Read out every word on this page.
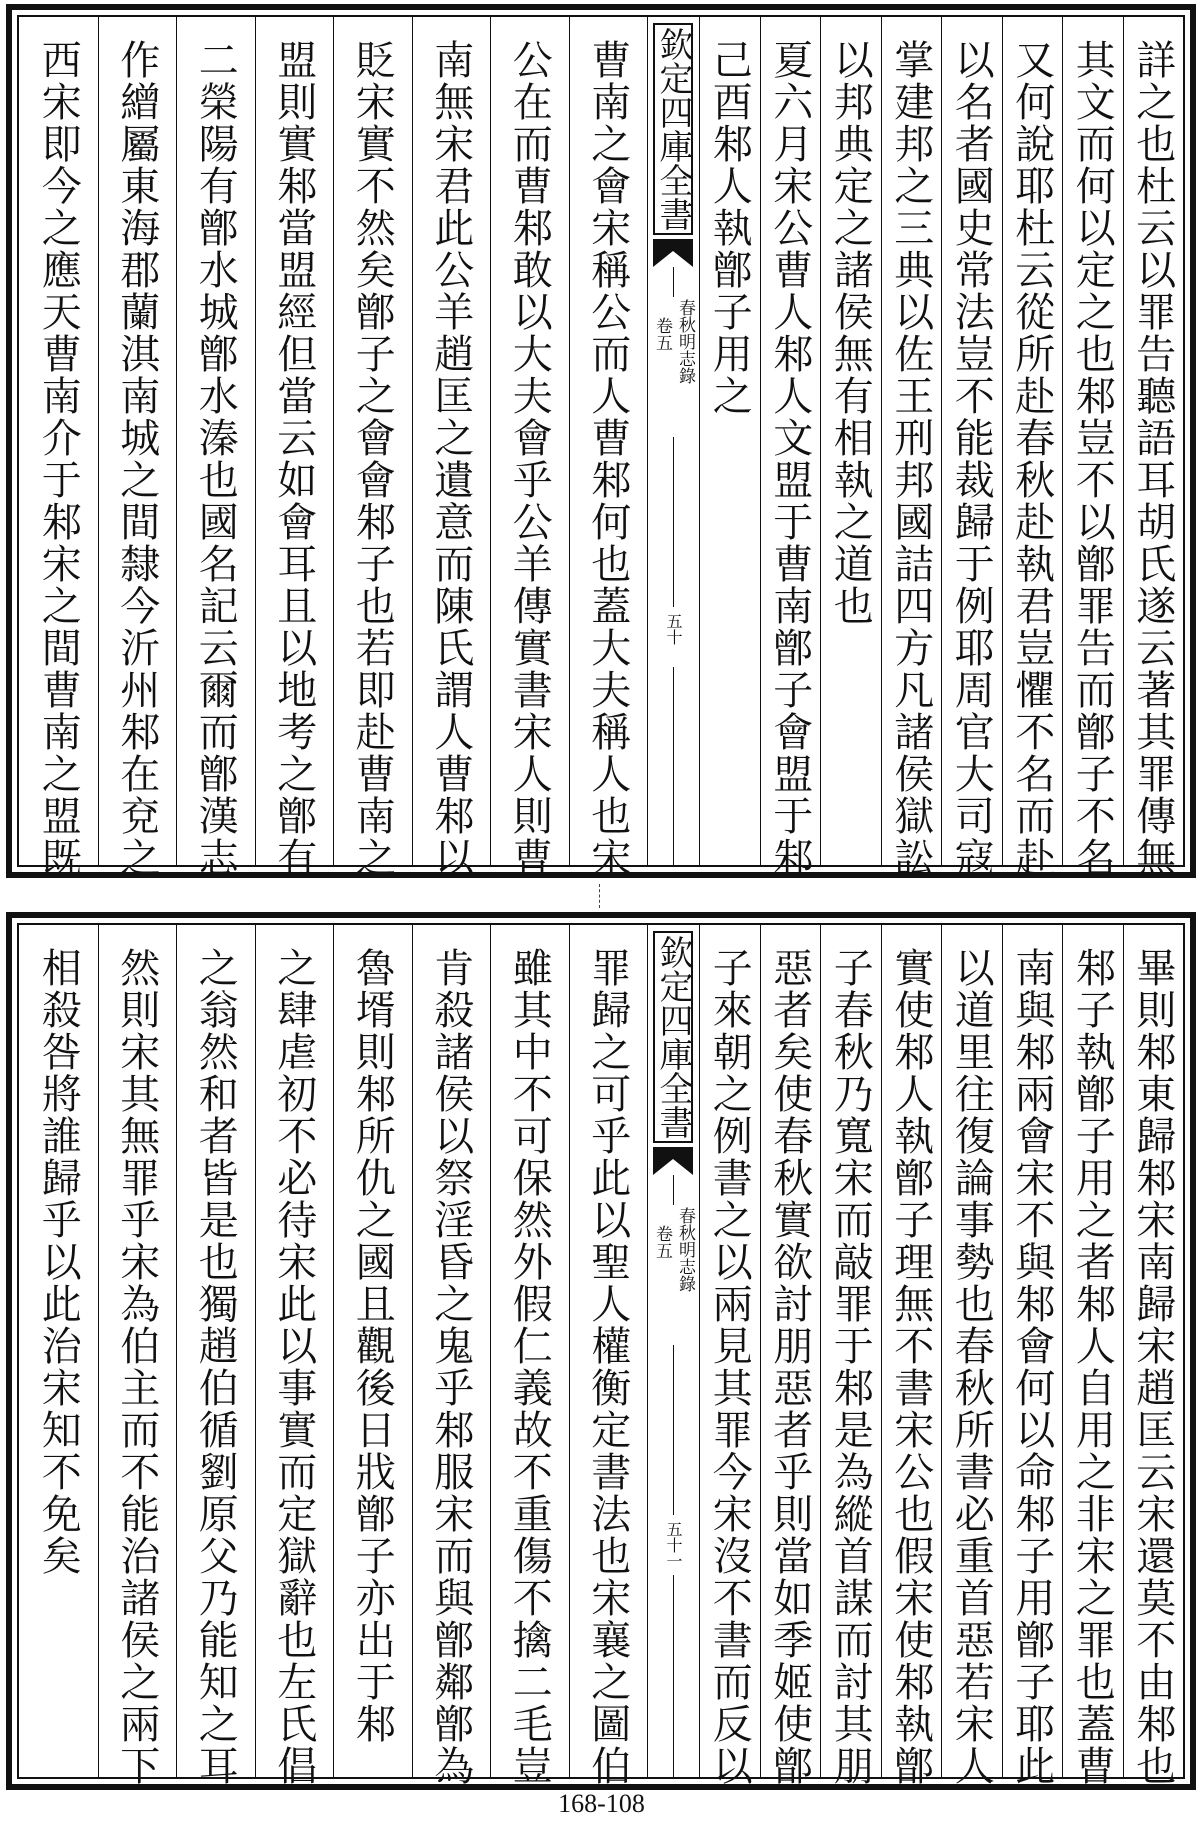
詳之也杜云以罪告聽語耳胡氏遂云著其罪傳無
其文而何以定之也邾豈不以鄫罪告而鄫子不名
又何說耶杜云從所赴春秋赴執君豈懼不名而赴
以名者國史常法豈不能裁歸于例耶周官大司寇
掌建邦之三典以佐王刑邦國詰四方凡諸侯獄訟
以邦典定之諸侯無有相執之道也
夏六月宋公曹人邾人文盟于曹南鄫子會盟于邾
己酉邾人執鄫子用之
欽定四庫全書
春秋明志錄
卷五
五十
曹南之會宋稱公而人曹邾何也蓋大夫稱人也宋
公在而曹邾敢以大夫會乎公羊傳實書宋人則曹
南無宋君此公羊趙匡之遺意而陳氏謂人曹邾以
貶宋實不然矣鄫子之會會邾子也若即赴曹南之
盟則實邾當盟經但當云如會耳且以地考之鄫有
二榮陽有鄫水城鄫水溱也國名記云爾而鄫漢志
作繒屬東海郡蘭淇南城之間隸今沂州邾在兗之
西宋即今之應天曹南介于邾宋之間曹南之盟既
畢則邾東歸邾宋南歸宋趙匡云宋還莫不由邾也
邾子執鄫子用之者邾人自用之非宋之罪也蓋曹
南與邾兩會宋不與邾會何以命邾子用鄫子耶此
以道里往復論事勢也春秋所書必重首惡若宋人
實使邾人執鄫子理無不書宋公也假宋使邾執鄫
子春秋乃寬宋而敲罪于邾是為縱首謀而討其朋
惡者矣使春秋實欲討朋惡者乎則當如季姬使鄫
子來朝之例書之以兩見其罪今宋沒不書而反以
欽定四庫全書
春秋明志錄
卷五
五十一
罪歸之可乎此以聖人權衡定書法也宋襄之圖伯
雖其中不可保然外假仁義故不重傷不擒二毛豈
肯殺諸侯以祭淫昏之鬼乎邾服宋而與鄫鄰鄫為
魯壻則邾所仇之國且觀後日戕鄫子亦出于邾
之肆虐初不必待宋此以事實而定獄辭也左氏倡
之翁然和者皆是也獨趙伯循劉原父乃能知之耳
然則宋其無罪乎宋為伯主而不能治諸侯之兩下
相殺咎將誰歸乎以此治宋知不免矣
168-108
